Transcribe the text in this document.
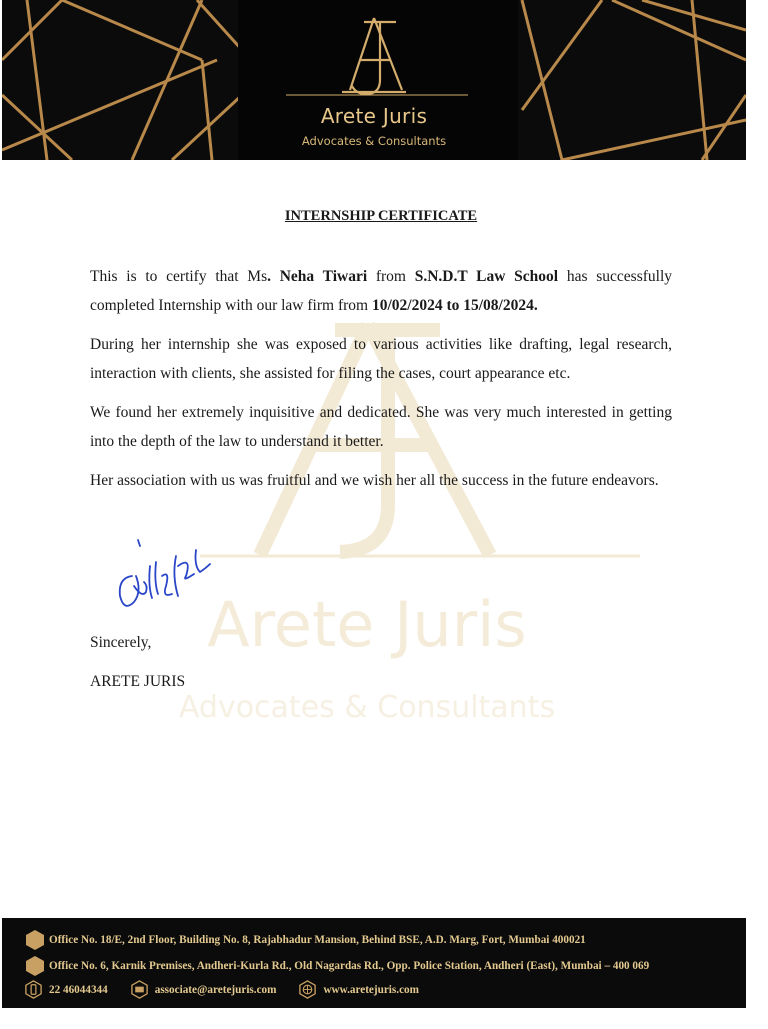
Arete Juris
Advocates & Consultants
Arete Juris
Advocates & Consultants
INTERNSHIP CERTIFICATE

This is to certify that Ms. Neha Tiwari from S.N.D.T Law School has successfully completed Internship with our law firm from 10/02/2024 to 15/08/2024.

During her internship she was exposed to various activities like drafting, legal research, interaction with clients, she assisted for filing the cases, court appearance etc.

We found her extremely inquisitive and dedicated. She was very much interested in getting into the depth of the law to understand it better.

Her association with us was fruitful and we wish her all the success in the future endeavors.

Sincerely,
ARETE JURIS
Office No. 18/E, 2nd Floor, Building No. 8, Rajabhadur Mansion, Behind BSE, A.D. Marg, Fort, Mumbai 400021
Office No. 6, Karnik Premises, Andheri-Kurla Rd., Old Nagardas Rd., Opp. Police Station, Andheri (East), Mumbai – 400 069
22 46044344	associate@aretejuris.com	www.aretejuris.com
